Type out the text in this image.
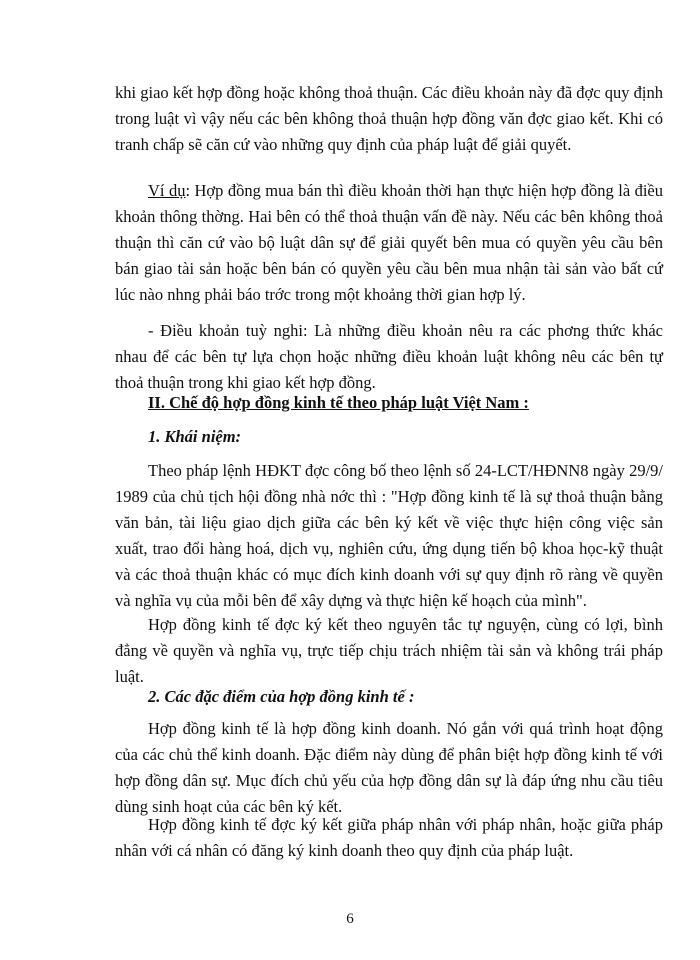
khi giao kết hợp đồng hoặc không thoả thuận. Các điều khoản này đã đợc quy định trong luật vì vậy nếu các bên không thoả thuận hợp đồng văn đợc giao kết. Khi có tranh chấp sẽ căn cứ vào những quy định của pháp luật để giải quyết.

Ví dụ: Hợp đồng mua bán thì điều khoản thời hạn thực hiện hợp đồng là điều khoản thông thờng. Hai bên có thể thoả thuận vấn đề này. Nếu các bên không thoả thuận thì căn cứ vào bộ luật dân sự để giải quyết bên mua có quyền yêu cầu bên bán giao tài sản hoặc bên bán có quyền yêu cầu bên mua nhận tài sản vào bất cứ lúc nào nhng phải báo trớc trong một khoảng thời gian hợp lý.

- Điều khoản tuỳ nghi: Là những điều khoản nêu ra các phơng thức khác nhau để các bên tự lựa chọn hoặc những điều khoản luật không nêu các bên tự thoả thuận trong khi giao kết hợp đồng.

II. Chế độ hợp đồng kinh tế theo pháp luật Việt Nam :

1. Khái niệm:

Theo pháp lệnh HĐKT đợc công bố theo lệnh số 24-LCT/HĐNN8 ngày 29/9/ 1989 của chủ tịch hội đồng nhà nớc thì : "Hợp đồng kinh tế là sự thoả thuận bằng văn bản, tài liệu giao dịch giữa các bên ký kết về việc thực hiện công việc sản xuất, trao đổi hàng hoá, dịch vụ, nghiên cứu, ứng dụng tiến bộ khoa học-kỹ thuật và các thoả thuận khác có mục đích kinh doanh với sự quy định rõ ràng về quyền và nghĩa vụ của mỗi bên để xây dựng và thực hiện kế hoạch của mình".

Hợp đồng kinh tế đợc ký kết theo nguyên tắc tự nguyện, cùng có lợi, bình đẳng về quyền và nghĩa vụ, trực tiếp chịu trách nhiệm tài sản và không trái pháp luật.

2. Các đặc điểm của hợp đồng kinh tế :

Hợp đồng kinh tế là hợp đồng kinh doanh. Nó gắn với quá trình hoạt động của các chủ thể kinh doanh. Đặc điểm này dùng để phân biệt hợp đồng kinh tế với hợp đồng dân sự. Mục đích chủ yếu của hợp đồng dân sự là đáp ứng nhu cầu tiêu dùng sinh hoạt của các bên ký kết.

Hợp đồng kinh tế đợc ký kết giữa pháp nhân với pháp nhân, hoặc giữa pháp nhân với cá nhân có đăng ký kinh doanh theo quy định của pháp luật.

6
